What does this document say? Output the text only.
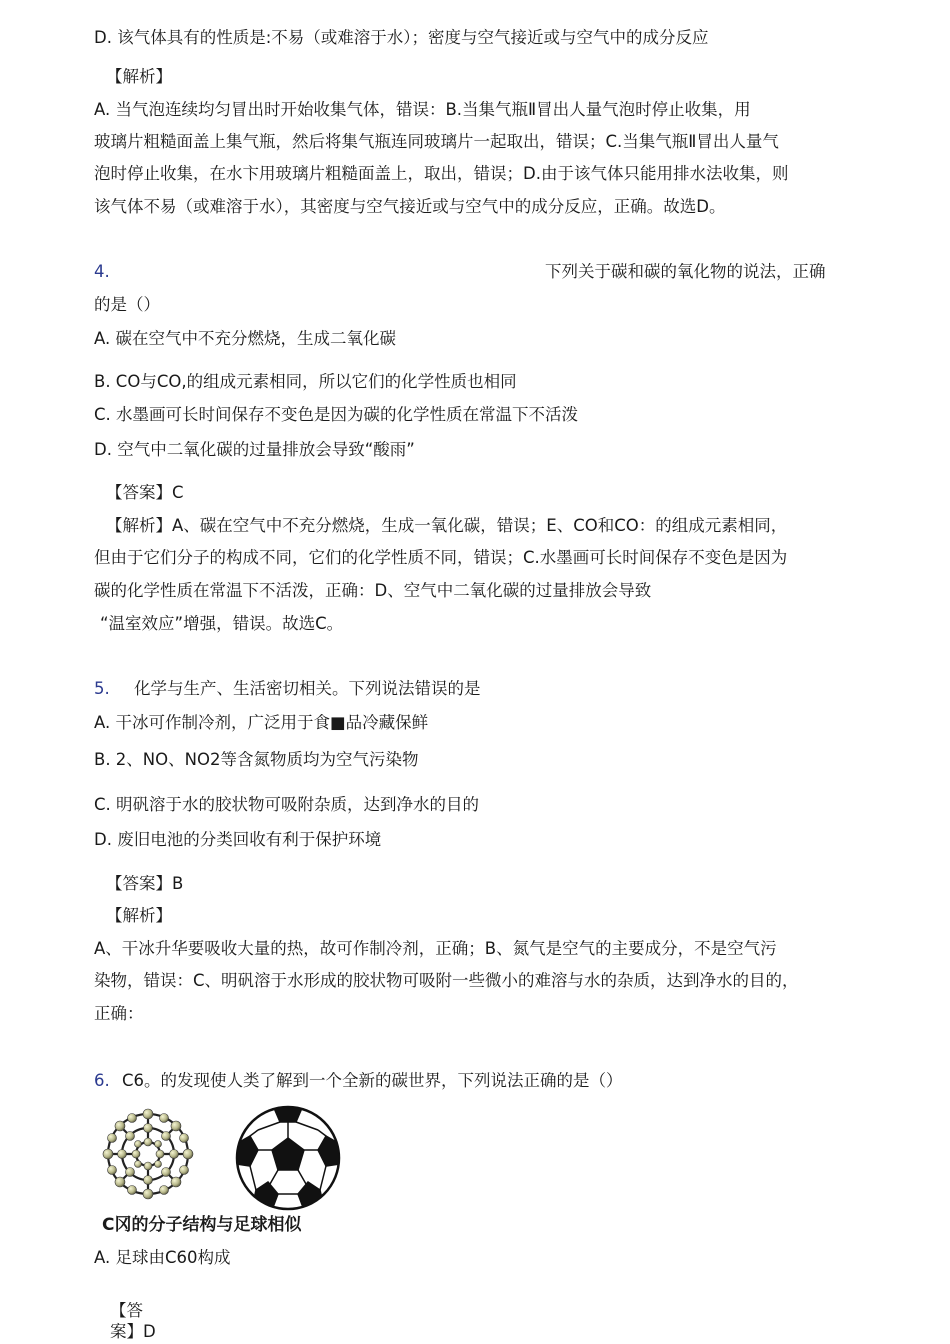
D. 该气体具有的性质是:不易（或难溶于水）；密度与空气接近或与空气中的成分反应
【解析】
A. 当气泡连续均匀冒出时开始收集气体，错误：B.当集气瓶Ⅱ冒出人量气泡时停止收集，用
玻璃片粗糙面盖上集气瓶，然后将集气瓶连同玻璃片一起取出，错误；C.当集气瓶Ⅱ冒出人量气
泡时停止收集，在水卞用玻璃片粗糙面盖上，取出，错误；D.由于该气体只能用排水法收集，则
该气体不易（或难溶于水），其密度与空气接近或与空气中的成分反应，正确。故选D。
4.	下列关于碳和碳的氧化物的说法，正确
的是（）
A. 碳在空气中不充分燃烧，生成二氧化碳
B. CO与CO,的组成元素相同，所以它们的化学性质也相同
C. 水墨画可长时间保存不变色是因为碳的化学性质在常温下不活泼
D. 空气中二氧化碳的过量排放会导致“酸雨”
【答案】C
【解析】A、碳在空气中不充分燃烧，生成一氧化碳，错误；E、CO和CO：的组成元素相同，
但由于它们分子的构成不同，它们的化学性质不同，错误；C.水墨画可长时间保存不变色是因为
碳的化学性质在常温下不活泼，正确：D、空气中二氧化碳的过量排放会导致
“温室效应”增强，错误。故选C。
5. 化学与生产、生活密切相关。下列说法错误的是
A. 干冰可作制冷剂，广泛用于食■品冷藏保鲜
B. 2、NO、NO2等含氮物质均为空气污染物
C. 明矾溶于水的胶状物可吸附杂质，达到净水的目的
D. 废旧电池的分类回收有利于保护环境
【答案】B
【解析】
A、干冰升华要吸收大量的热，故可作制冷剂，正确；B、氮气是空气的主要成分，不是空气污
染物，错误：C、明矾溶于水形成的胶状物可吸附一些微小的难溶与水的杂质，达到净水的目的，
正确：
6. C6。的发现使人类了解到一个全新的碳世界，下列说法正确的是（）
C冈的分子结构与足球相似
A. 足球由C60构成
【答
案】D
